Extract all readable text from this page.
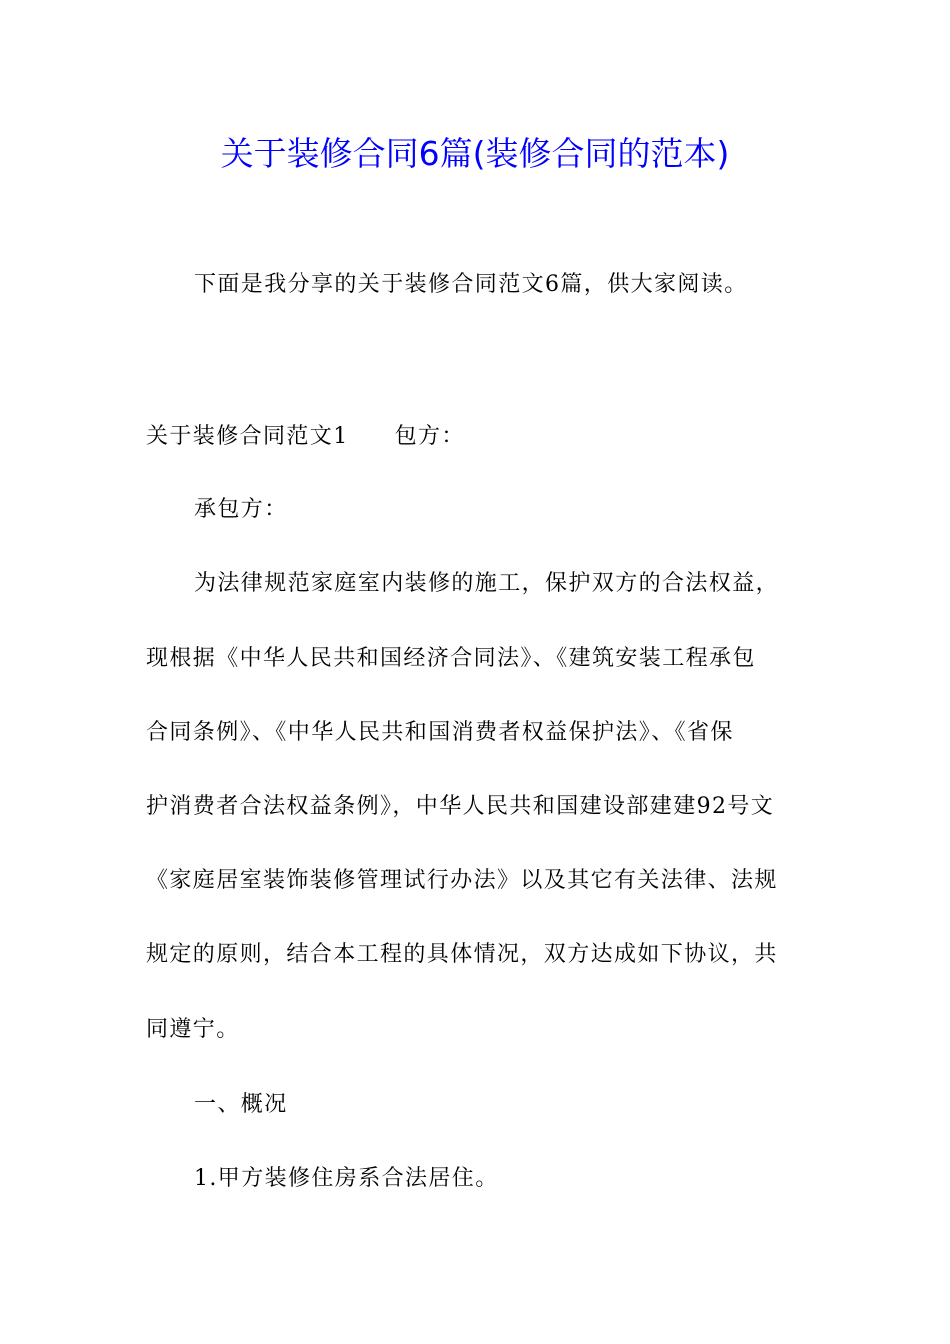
关于装修合同6篇(装修合同的范本)
下面是我分享的关于装修合同范文6篇，供大家阅读。
关于装修合同范文1 包方：
承包方：
为法律规范家庭室内装修的施工，保护双方的合法权益，
现根据《中华人民共和国经济合同法》、《建筑安装工程承包
合同条例》、《中华人民共和国消费者权益保护法》、《省保
护消费者合法权益条例》，中华人民共和国建设部建建92号文
《家庭居室装饰装修管理试行办法》以及其它有关法律、法规
规定的原则，结合本工程的具体情况，双方达成如下协议，共
同遵宁。
一、概况
1.甲方装修住房系合法居住。
